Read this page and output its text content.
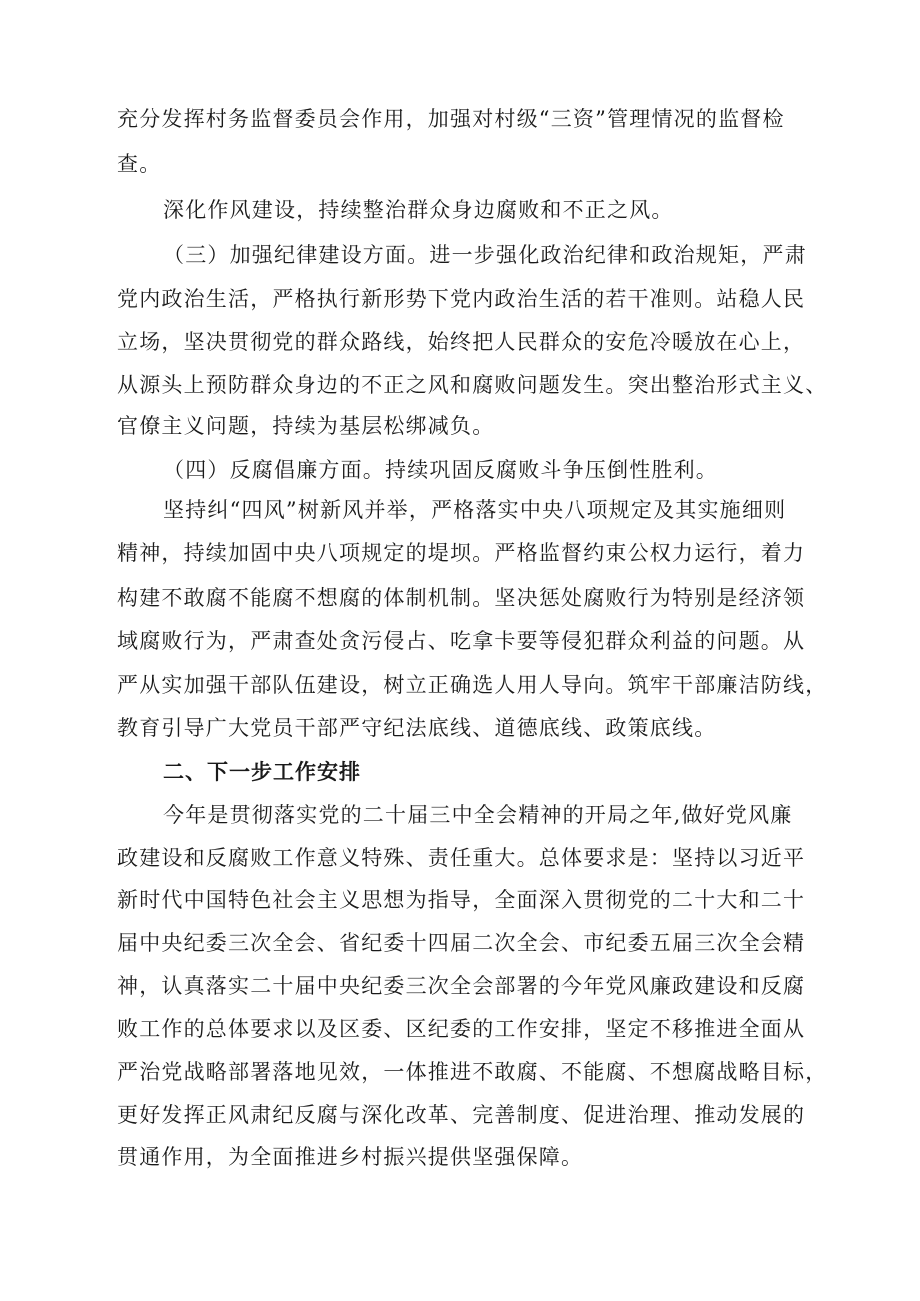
充分发挥村务监督委员会作用，加强对村级“三资”管理情况的监督检
查。
深化作风建设，持续整治群众身边腐败和不正之风。
（三）加强纪律建设方面。进一步强化政治纪律和政治规矩，严肃
党内政治生活，严格执行新形势下党内政治生活的若干准则。站稳人民
立场，坚决贯彻党的群众路线，始终把人民群众的安危冷暖放在心上，
从源头上预防群众身边的不正之风和腐败问题发生。突出整治形式主义、
官僚主义问题，持续为基层松绑减负。
（四）反腐倡廉方面。持续巩固反腐败斗争压倒性胜利。
坚持纠“四风”树新风并举，严格落实中央八项规定及其实施细则
精神，持续加固中央八项规定的堤坝。严格监督约束公权力运行，着力
构建不敢腐不能腐不想腐的体制机制。坚决惩处腐败行为特别是经济领
域腐败行为，严肃查处贪污侵占、吃拿卡要等侵犯群众利益的问题。从
严从实加强干部队伍建设，树立正确选人用人导向。筑牢干部廉洁防线，
教育引导广大党员干部严守纪法底线、道德底线、政策底线。
二、下一步工作安排
今年是贯彻落实党的二十届三中全会精神的开局之年,做好党风廉
政建设和反腐败工作意义特殊、责任重大。总体要求是：坚持以习近平
新时代中国特色社会主义思想为指导，全面深入贯彻党的二十大和二十
届中央纪委三次全会、省纪委十四届二次全会、市纪委五届三次全会精
神，认真落实二十届中央纪委三次全会部署的今年党风廉政建设和反腐
败工作的总体要求以及区委、区纪委的工作安排，坚定不移推进全面从
严治党战略部署落地见效，一体推进不敢腐、不能腐、不想腐战略目标，
更好发挥正风肃纪反腐与深化改革、完善制度、促进治理、推动发展的
贯通作用，为全面推进乡村振兴提供坚强保障。
